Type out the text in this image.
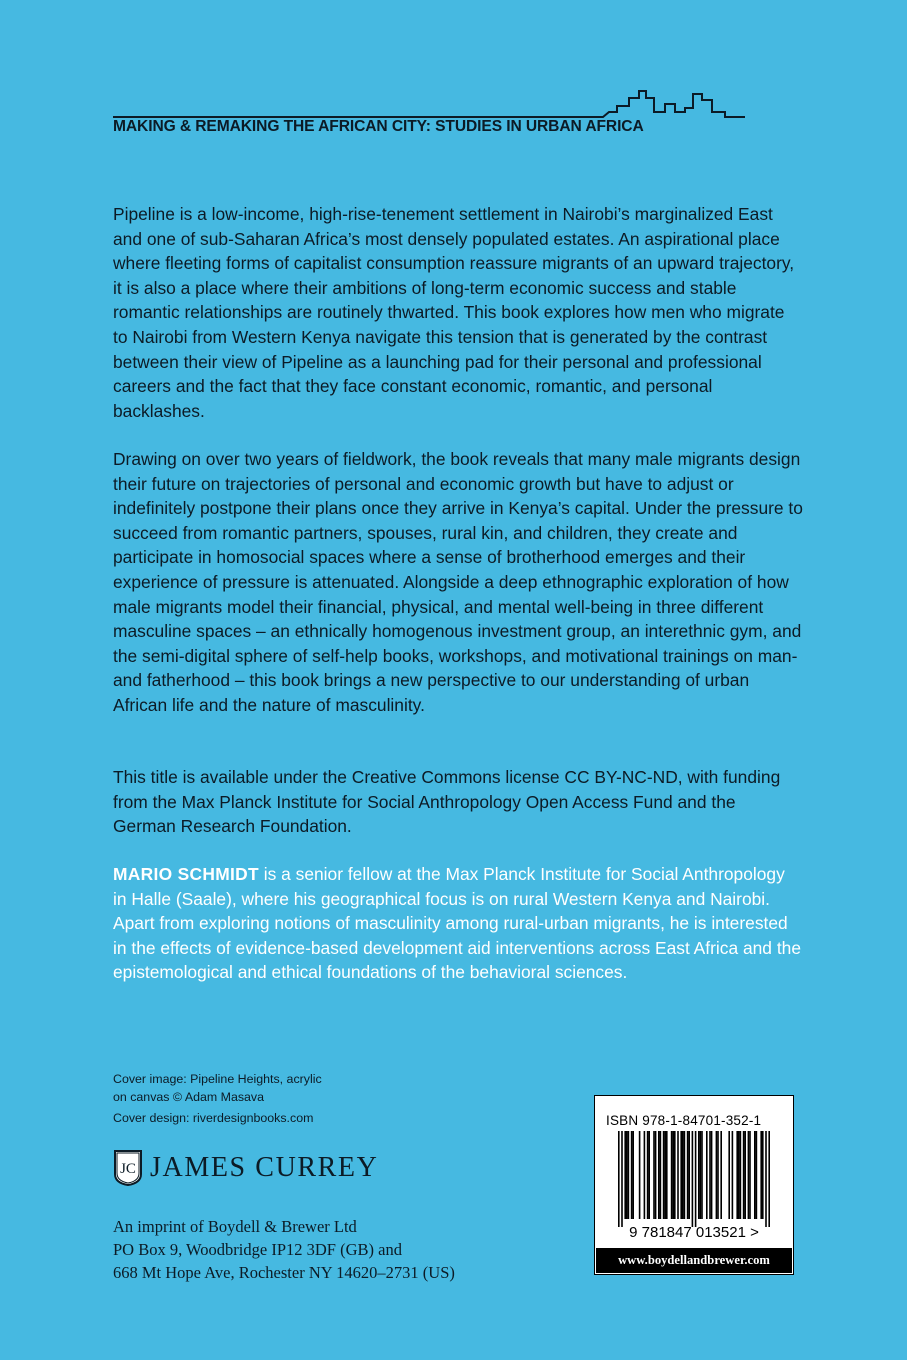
MAKING & REMAKING THE AFRICAN CITY: STUDIES IN URBAN AFRICA

Pipeline is a low-income, high-rise-tenement settlement in Nairobi’s marginalized East and one of sub-Saharan Africa’s most densely populated estates. An aspirational place where fleeting forms of capitalist consumption reassure migrants of an upward trajectory, it is also a place where their ambitions of long-term economic success and stable romantic relationships are routinely thwarted. This book explores how men who migrate to Nairobi from Western Kenya navigate this tension that is generated by the contrast between their view of Pipeline as a launching pad for their personal and professional careers and the fact that they face constant economic, romantic, and personal backlashes.

Drawing on over two years of fieldwork, the book reveals that many male migrants design their future on trajectories of personal and economic growth but have to adjust or indefinitely postpone their plans once they arrive in Kenya’s capital. Under the pressure to succeed from romantic partners, spouses, rural kin, and children, they create and participate in homosocial spaces where a sense of brotherhood emerges and their experience of pressure is attenuated. Alongside a deep ethnographic exploration of how male migrants model their financial, physical, and mental well-being in three different masculine spaces – an ethnically homogenous investment group, an interethnic gym, and the semi-digital sphere of self-help books, workshops, and motivational trainings on man- and fatherhood – this book brings a new perspective to our understanding of urban African life and the nature of masculinity.

This title is available under the Creative Commons license CC BY-NC-ND, with funding from the Max Planck Institute for Social Anthropology Open Access Fund and the German Research Foundation.

MARIO SCHMIDT is a senior fellow at the Max Planck Institute for Social Anthropology in Halle (Saale), where his geographical focus is on rural Western Kenya and Nairobi. Apart from exploring notions of masculinity among rural-urban migrants, he is interested in the effects of evidence-based development aid interventions across East Africa and the epistemological and ethical foundations of the behavioral sciences.

Cover image: Pipeline Heights, acrylic
on canvas © Adam Masava
Cover design: riverdesignbooks.com
JC JAMES CURREY
An imprint of Boydell & Brewer Ltd
PO Box 9, Woodbridge IP12 3DF (GB) and
668 Mt Hope Ave, Rochester NY 14620–2731 (US)
ISBN 978-1-84701-352-1
9 781847 013521 >
www.boydellandbrewer.com
